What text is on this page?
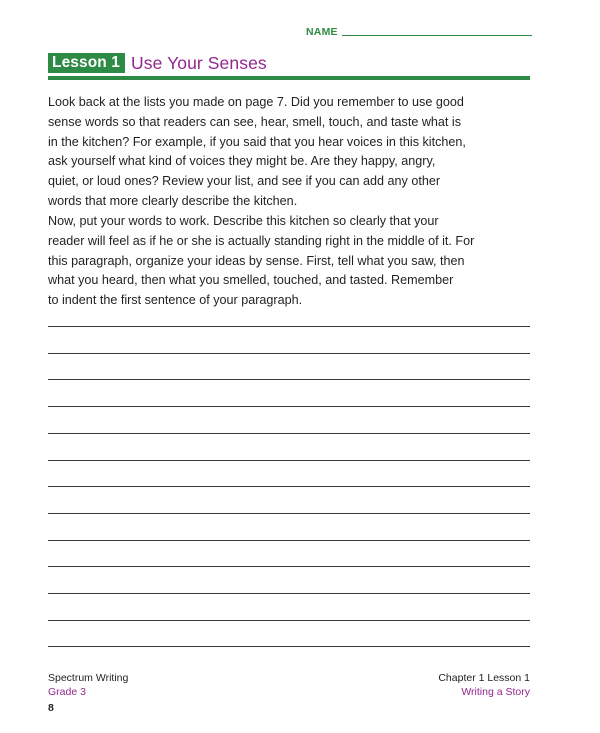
NAME
Lesson 1 Use Your Senses

Look back at the lists you made on page 7. Did you remember to use good
sense words so that readers can see, hear, smell, touch, and taste what is
in the kitchen? For example, if you said that you hear voices in this kitchen,
ask yourself what kind of voices they might be. Are they happy, angry,
quiet, or loud ones? Review your list, and see if you can add any other
words that more clearly describe the kitchen.

Now, put your words to work. Describe this kitchen so clearly that your
reader will feel as if he or she is actually standing right in the middle of it. For
this paragraph, organize your ideas by sense. First, tell what you saw, then
what you heard, then what you smelled, touched, and tasted. Remember
to indent the first sentence of your paragraph.

Spectrum Writing
Grade 3
Chapter 1 Lesson 1
Writing a Story
8
